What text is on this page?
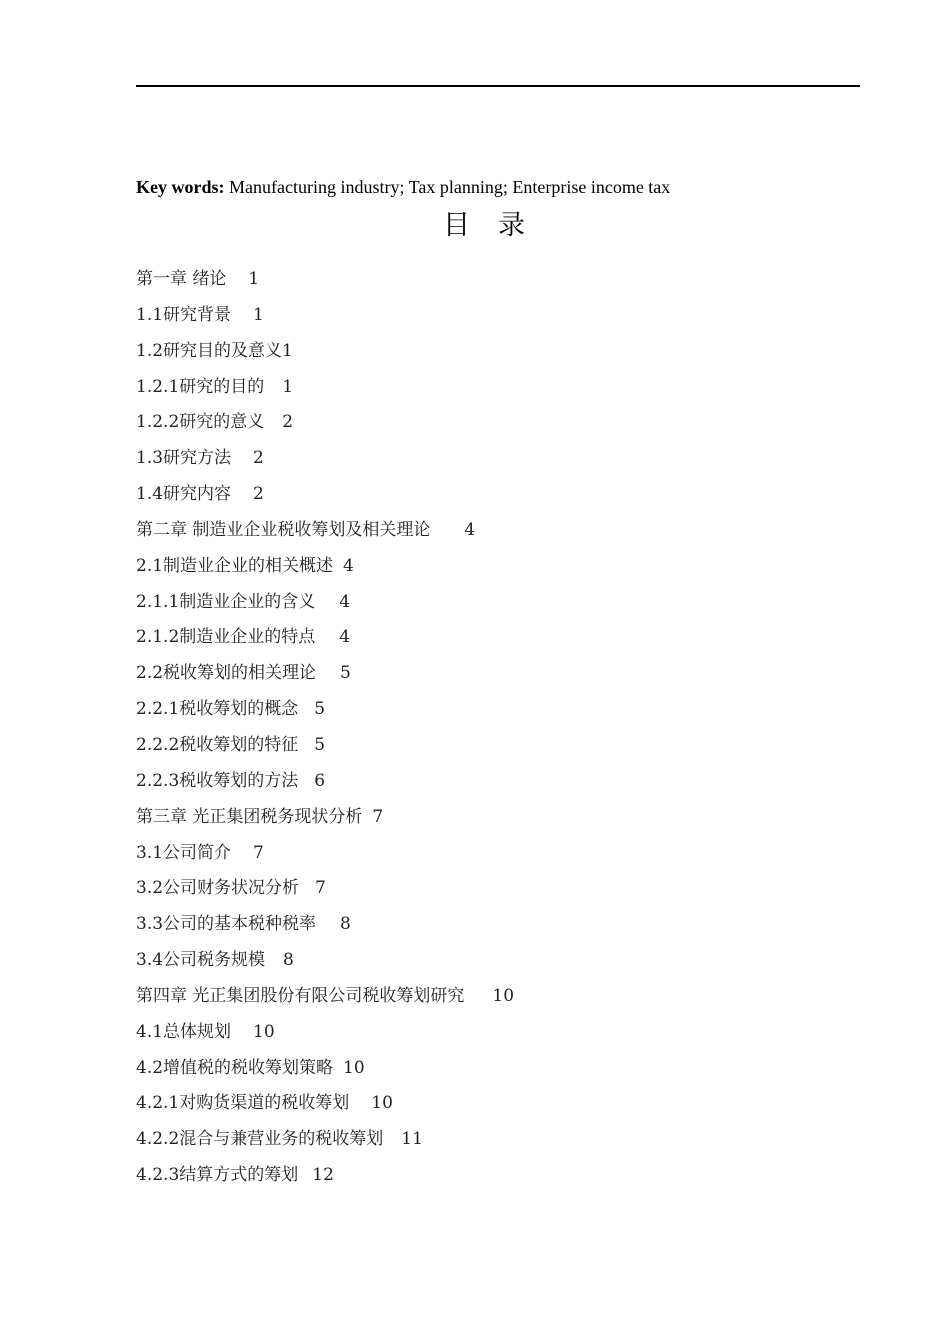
Key words: Manufacturing industry; Tax planning; Enterprise income tax
目录
第一章 绪论 1
1.1研究背景 1
1.2研究目的及意义1
1.2.1研究的目的 1
1.2.2研究的意义 2
1.3研究方法 2
1.4研究内容 2
第二章 制造业企业税收筹划及相关理论 4
2.1制造业企业的相关概述 4
2.1.1制造业企业的含义 4
2.1.2制造业企业的特点 4
2.2税收筹划的相关理论 5
2.2.1税收筹划的概念 5
2.2.2税收筹划的特征 5
2.2.3税收筹划的方法 6
第三章 光正集团税务现状分析 7
3.1公司简介 7
3.2公司财务状况分析 7
3.3公司的基本税种税率 8
3.4公司税务规模 8
第四章 光正集团股份有限公司税收筹划研究 10
4.1总体规划 10
4.2增值税的税收筹划策略 10
4.2.1对购货渠道的税收筹划 10
4.2.2混合与兼营业务的税收筹划 11
4.2.3结算方式的筹划 12
